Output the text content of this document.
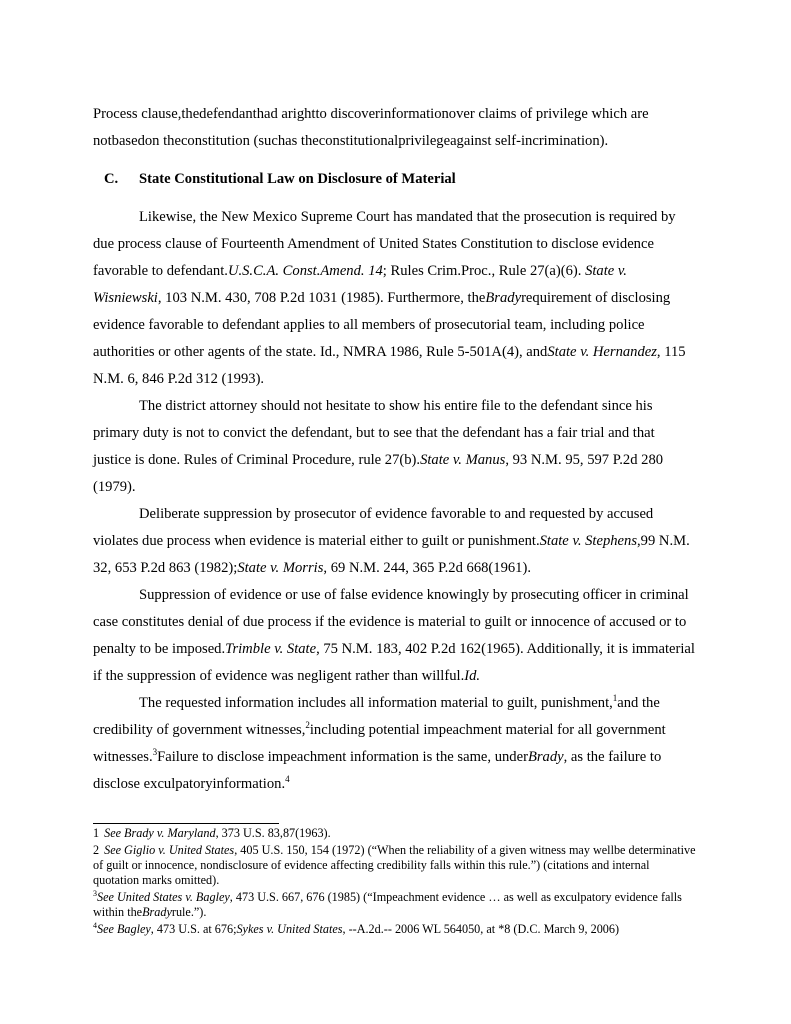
Process clause,thedefendanthad arightto discoverinformationover claims of privilege which are notbasedon theconstitution (suchas theconstitutionalprivilegeagainst self-incrimination).

C. State Constitutional Law on Disclosure of Material

Likewise, the New Mexico Supreme Court has mandated that the prosecution is required by due process clause of Fourteenth Amendment of United States Constitution to disclose evidence favorable to defendant.U.S.C.A. Const.Amend. 14; Rules Crim.Proc., Rule 27(a)(6). State v. Wisniewski, 103 N.M. 430, 708 P.2d 1031 (1985). Furthermore, theBradyrequirement of disclosing evidence favorable to defendant applies to all members of prosecutorial team, including police authorities or other agents of the state. Id., NMRA 1986, Rule 5-501A(4), andState v. Hernandez, 115 N.M. 6, 846 P.2d 312 (1993).

The district attorney should not hesitate to show his entire file to the defendant since his primary duty is not to convict the defendant, but to see that the defendant has a fair trial and that justice is done. Rules of Criminal Procedure, rule 27(b).State v. Manus, 93 N.M. 95, 597 P.2d 280 (1979).

Deliberate suppression by prosecutor of evidence favorable to and requested by accused violates due process when evidence is material either to guilt or punishment.State v. Stephens,99 N.M. 32, 653 P.2d 863 (1982);State v. Morris, 69 N.M. 244, 365 P.2d 668(1961).

Suppression of evidence or use of false evidence knowingly by prosecuting officer in criminal case constitutes denial of due process if the evidence is material to guilt or innocence of accused or to penalty to be imposed.Trimble v. State, 75 N.M. 183, 402 P.2d 162(1965). Additionally, it is immaterial if the suppression of evidence was negligent rather than willful.Id.

The requested information includes all information material to guilt, punishment,$^1$and the credibility of government witnesses,$^2$including potential impeachment material for all government witnesses.$^3$Failure to disclose impeachment information is the same, underBrady, as the failure to disclose exculpatoryinformation.$^4$

1 See Brady v. Maryland, 373 U.S. 83,87(1963).

2 See Giglio v. United States, 405 U.S. 150, 154 (1972) (“When the reliability of a given witness may wellbe determinative of guilt or innocence, nondisclosure of evidence affecting credibility falls within this rule.”) (citations and internal quotation marks omitted).

$^3$See United States v. Bagley, 473 U.S. 667, 676 (1985) (“Impeachment evidence … as well as exculpatory evidence falls within theBradyrule.”).

$^4$See Bagley, 473 U.S. at 676;Sykes v. United States, --A.2d.-- 2006 WL 564050, at *8 (D.C. March 9, 2006)
